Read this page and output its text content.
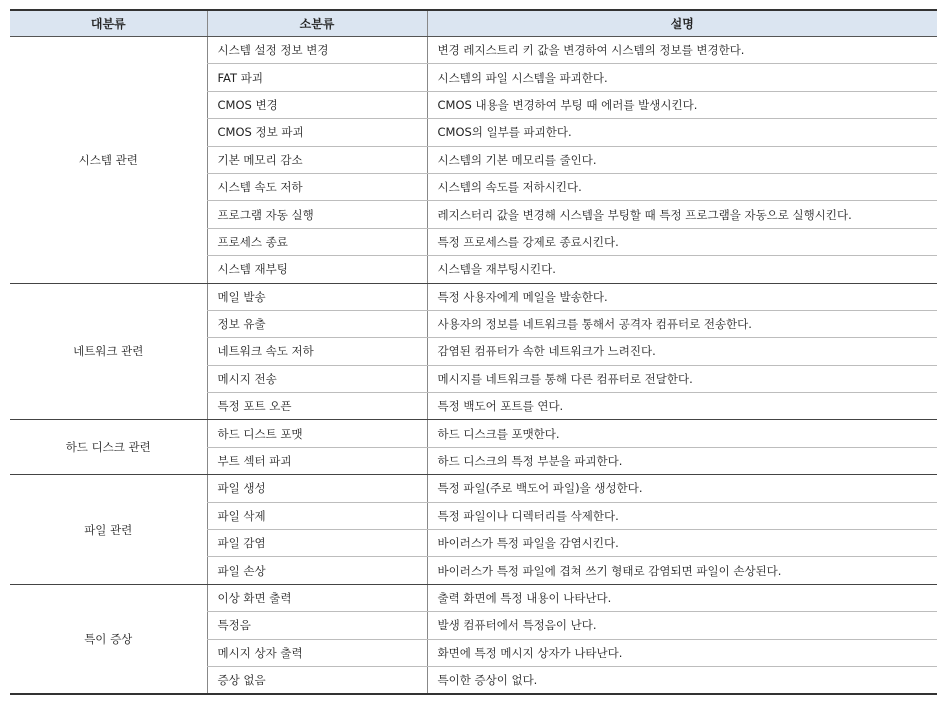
대분류	소분류	설명
시스템 관련	시스템 설정 정보 변경	변경 레지스트리 키 값을 변경하여 시스템의 정보를 변경한다.
	FAT 파괴	시스템의 파일 시스템을 파괴한다.
	CMOS 변경	CMOS 내용을 변경하여 부팅 때 에러를 발생시킨다.
	CMOS 정보 파괴	CMOS의 일부를 파괴한다.
	기본 메모리 감소	시스템의 기본 메모리를 줄인다.
	시스템 속도 저하	시스템의 속도를 저하시킨다.
	프로그램 자동 실행	레지스터리 값을 변경해 시스템을 부팅할 때 특정 프로그램을 자동으로 실행시킨다.
	프로세스 종료	특정 프로세스를 강제로 종료시킨다.
	시스템 재부팅	시스템을 재부팅시킨다.
네트워크 관련	메일 발송	특정 사용자에게 메일을 발송한다.
	정보 유출	사용자의 정보를 네트워크를 통해서 공격자 컴퓨터로 전송한다.
	네트워크 속도 저하	감염된 컴퓨터가 속한 네트워크가 느려진다.
	메시지 전송	메시지를 네트워크를 통해 다른 컴퓨터로 전달한다.
	특정 포트 오픈	특정 백도어 포트를 연다.
하드 디스크 관련	하드 디스트 포맷	하드 디스크를 포맷한다.
	부트 섹터 파괴	하드 디스크의 특정 부분을 파괴한다.
파일 관련	파일 생성	특정 파일(주로 백도어 파일)을 생성한다.
	파일 삭제	특정 파일이나 디렉터리를 삭제한다.
	파일 감염	바이러스가 특정 파일을 감염시킨다.
	파일 손상	바이러스가 특정 파일에 겹쳐 쓰기 형태로 감염되면 파일이 손상된다.
특이 증상	이상 화면 출력	출력 화면에 특정 내용이 나타난다.
	특정음	발생 컴퓨터에서 특정음이 난다.
	메시지 상자 출력	화면에 특정 메시지 상자가 나타난다.
	증상 없음	특이한 증상이 없다.
